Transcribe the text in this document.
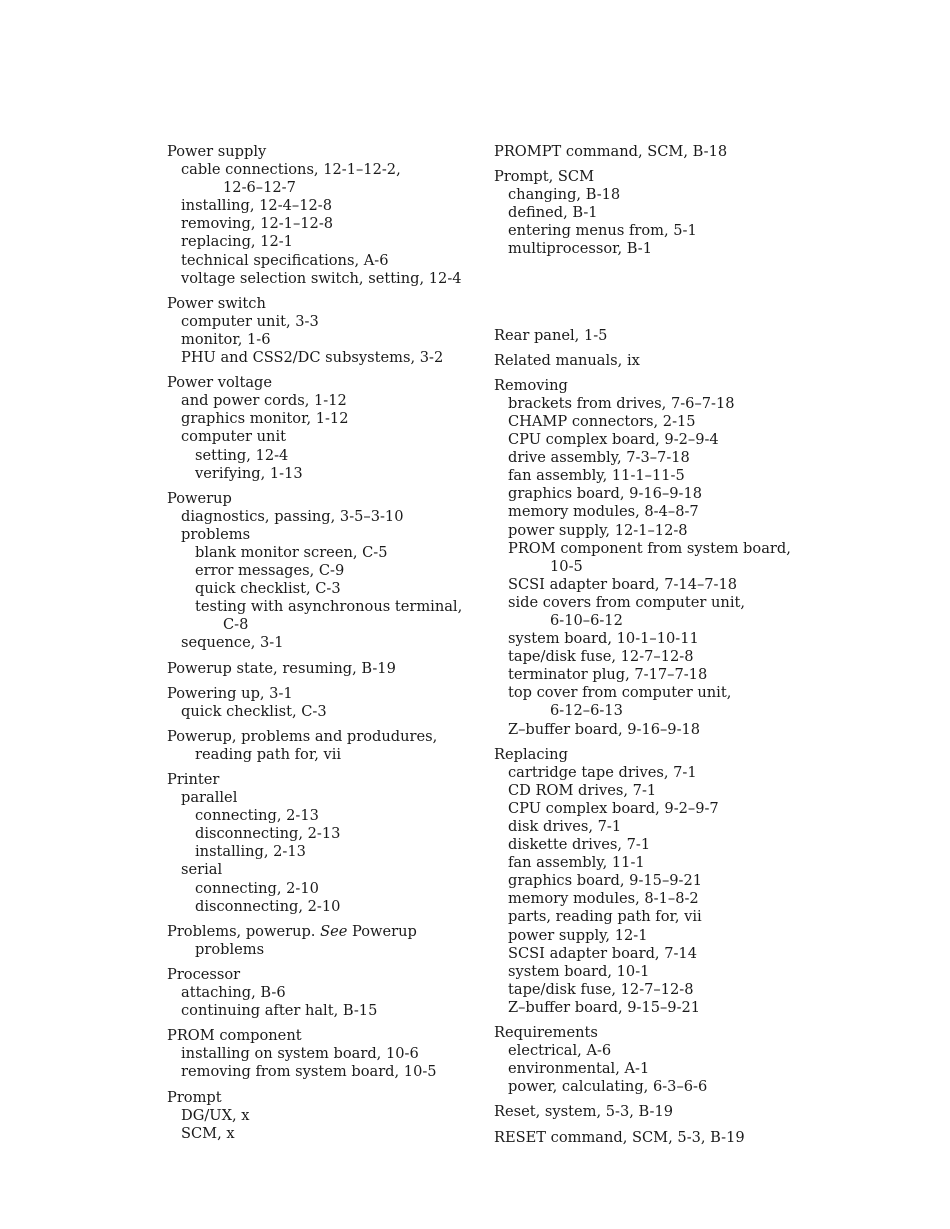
Power supply
cable connections, 12-1–12-2,
12-6–12-7
installing, 12-4–12-8
removing, 12-1–12-8
replacing, 12-1
technical specifications, A-6
voltage selection switch, setting, 12-4
Power switch
computer unit, 3-3
monitor, 1-6
PHU and CSS2/DC subsystems, 3-2
Power voltage
and power cords, 1-12
graphics monitor, 1-12
computer unit
setting, 12-4
verifying, 1-13
Powerup
diagnostics, passing, 3-5–3-10
problems
blank monitor screen, C-5
error messages, C-9
quick checklist, C-3
testing with asynchronous terminal,
C-8
sequence, 3-1
Powerup state, resuming, B-19
Powering up, 3-1
quick checklist, C-3
Powerup, problems and produdures,
reading path for, vii
Printer
parallel
connecting, 2-13
disconnecting, 2-13
installing, 2-13
serial
connecting, 2-10
disconnecting, 2-10
Problems, powerup. See Powerup
problems
Processor
attaching, B-6
continuing after halt, B-15
PROM component
installing on system board, 10-6
removing from system board, 10-5
Prompt
DG/UX, x
SCM, x
PROMPT command, SCM, B-18
Prompt, SCM
changing, B-18
defined, B-1
entering menus from, 5-1
multiprocessor, B-1
Rear panel, 1-5
Related manuals, ix
Removing
brackets from drives, 7-6–7-18
CHAMP connectors, 2-15
CPU complex board, 9-2–9-4
drive assembly, 7-3–7-18
fan assembly, 11-1–11-5
graphics board, 9-16–9-18
memory modules, 8-4–8-7
power supply, 12-1–12-8
PROM component from system board,
10-5
SCSI adapter board, 7-14–7-18
side covers from computer unit,
6-10–6-12
system board, 10-1–10-11
tape/disk fuse, 12-7–12-8
terminator plug, 7-17–7-18
top cover from computer unit,
6-12–6-13
Z–buffer board, 9-16–9-18
Replacing
cartridge tape drives, 7-1
CD ROM drives, 7-1
CPU complex board, 9-2–9-7
disk drives, 7-1
diskette drives, 7-1
fan assembly, 11-1
graphics board, 9-15–9-21
memory modules, 8-1–8-2
parts, reading path for, vii
power supply, 12-1
SCSI adapter board, 7-14
system board, 10-1
tape/disk fuse, 12-7–12-8
Z–buffer board, 9-15–9-21
Requirements
electrical, A-6
environmental, A-1
power, calculating, 6-3–6-6
Reset, system, 5-3, B-19
RESET command, SCM, 5-3, B-19
